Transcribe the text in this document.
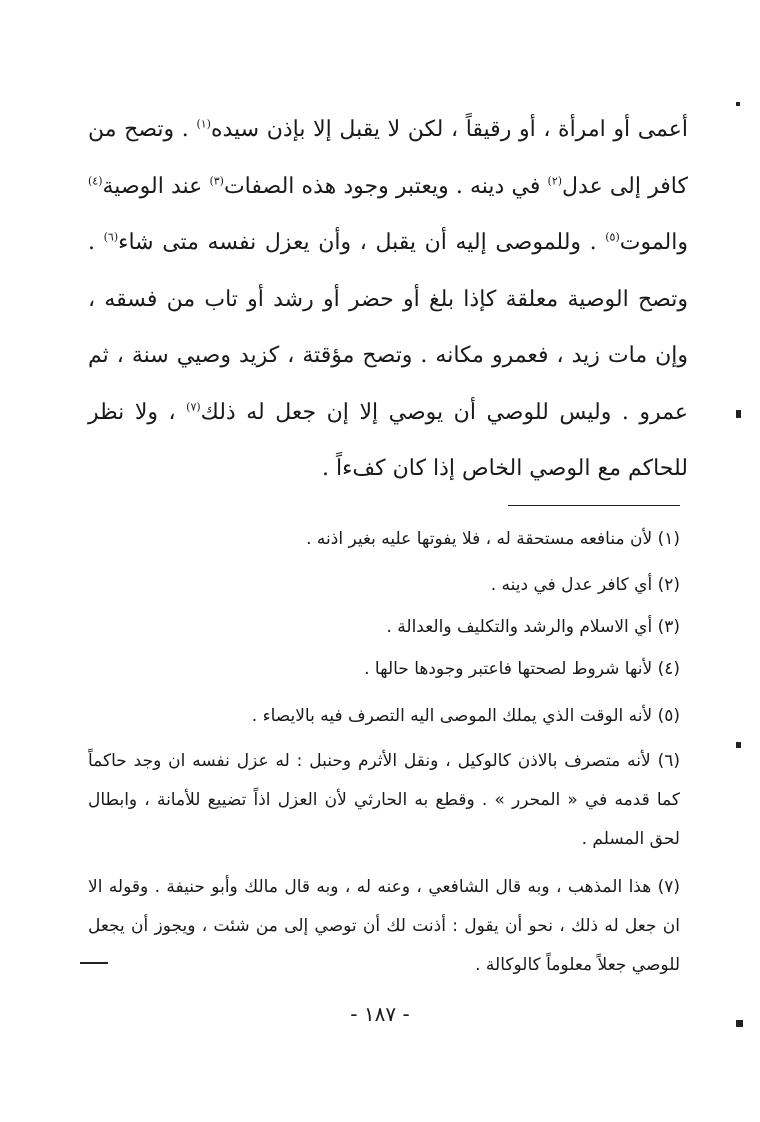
أعمى أو امرأة ، أو رقيقاً ، لكن لا يقبل إلا بإذن سيده$^{(١)}$ . وتصح من كافر إلى عدل$^{(٢)}$ في دينه . ويعتبر وجود هذه الصفات$^{(٣)}$ عند الوصية$^{(٤)}$ والموت$^{(٥)}$ . وللموصى إليه أن يقبل ، وأن يعزل نفسه متى شاء$^{(٦)}$ . وتصح الوصية معلقة كإذا بلغ أو حضر أو رشد أو تاب من فسقه ، وإن مات زيد ، فعمرو مكانه . وتصح مؤقتة ، كزيد وصيي سنة ، ثم عمرو . وليس للوصي أن يوصي إلا إن جعل له ذلك$^{(٧)}$ ، ولا نظر للحاكم مع الوصي الخاص إذا كان كفءاً .

(١) لأن منافعه مستحقة له ، فلا يفوتها عليه بغير اذنه .

(٢) أي كافر عدل في دينه .

(٣) أي الاسلام والرشد والتكليف والعدالة .

(٤) لأنها شروط لصحتها فاعتبر وجودها حالها .

(٥) لأنه الوقت الذي يملك الموصى اليه التصرف فيه بالايصاء .

(٦) لأنه متصرف بالاذن كالوكيل ، ونقل الأثرم وحنبل : له عزل نفسه ان وجد حاكماً كما قدمه في « المحرر » . وقطع به الحارثي لأن العزل اذاً تضييع للأمانة ، وابطال لحق المسلم .

(٧) هذا المذهب ، وبه قال الشافعي ، وعنه له ، وبه قال مالك وأبو حنيفة . وقوله الا ان جعل له ذلك ، نحو أن يقول : أذنت لك أن توصي إلى من شئت ، ويجوز أن يجعل للوصي جعلاً معلوماً كالوكالة .

- ١٨٧ -
